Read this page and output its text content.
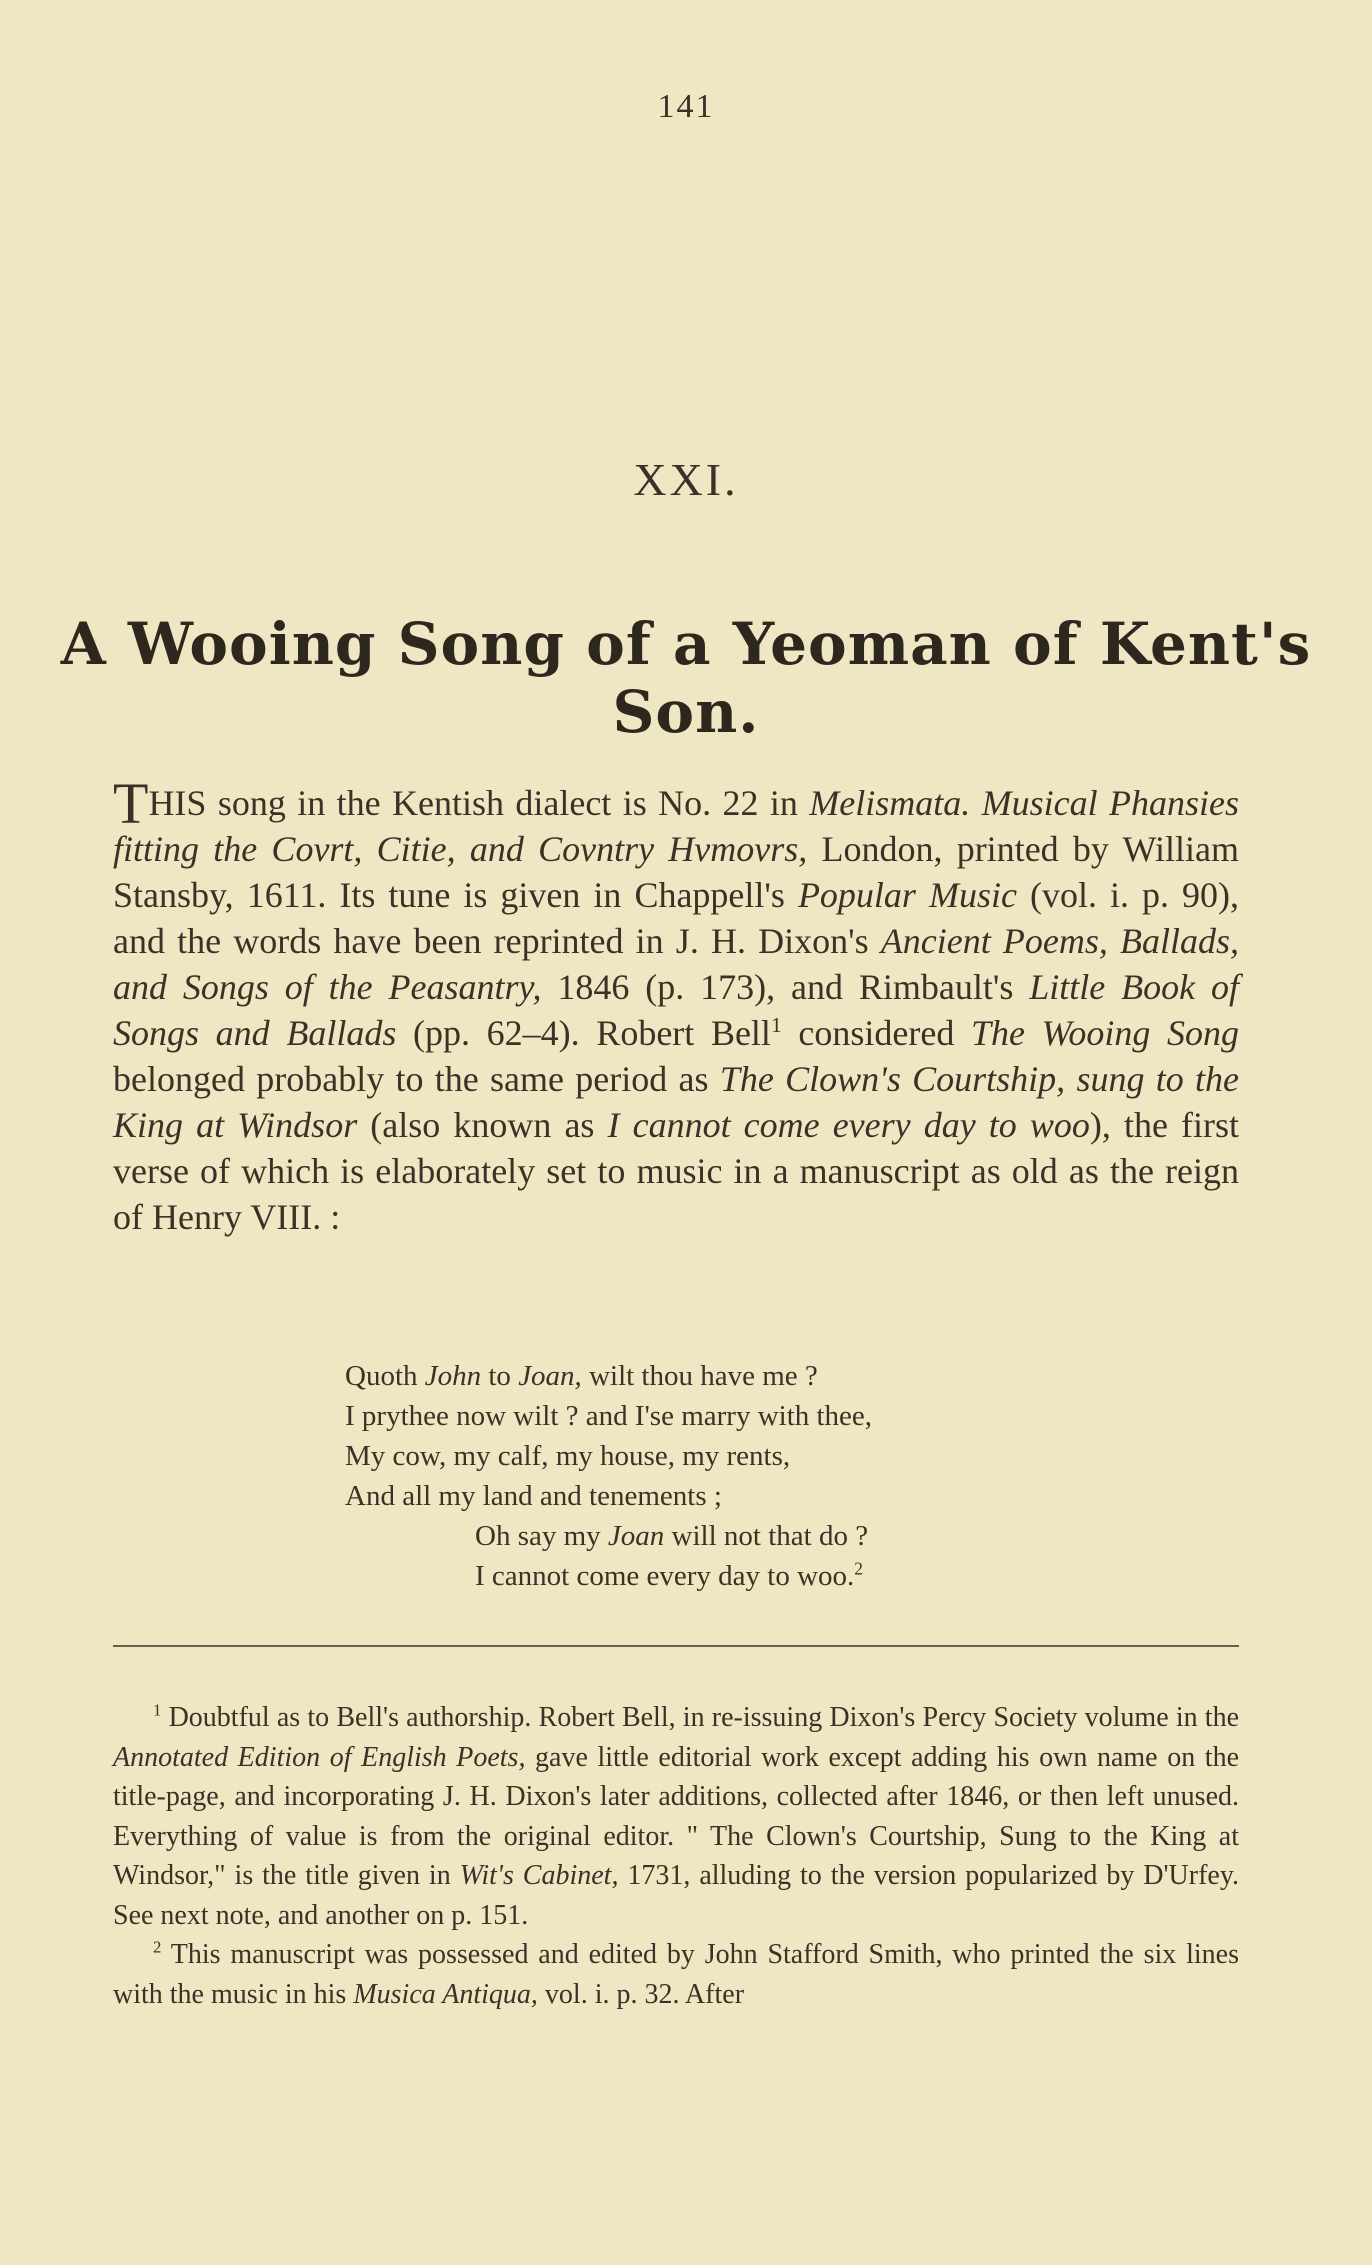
141
XXI.
A Wooing Song of a Yeoman of Kent's Son.
THIS song in the Kentish dialect is No. 22 in Melismata. Musical Phansies fitting the Covrt, Citie, and Covntry Hvmovrs, London, printed by William Stansby, 1611. Its tune is given in Chappell's Popular Music (vol. i. p. 90), and the words have been reprinted in J. H. Dixon's Ancient Poems, Ballads, and Songs of the Peasantry, 1846 (p. 173), and Rimbault's Little Book of Songs and Ballads (pp. 62–4). Robert Bell$^1$ considered The Wooing Song belonged probably to the same period as The Clown's Courtship, sung to the King at Windsor (also known as I cannot come every day to woo), the first verse of which is elaborately set to music in a manuscript as old as the reign of Henry VIII. :
Quoth John to Joan, wilt thou have me ?
I prythee now wilt ? and I'se marry with thee,
My cow, my calf, my house, my rents,
And all my land and tenements ;
Oh say my Joan will not that do ?
I cannot come every day to woo.$^2$

$^1$ Doubtful as to Bell's authorship. Robert Bell, in re-issuing Dixon's Percy Society volume in the Annotated Edition of English Poets, gave little editorial work except adding his own name on the title-page, and incorporating J. H. Dixon's later additions, collected after 1846, or then left unused. Everything of value is from the original editor. " The Clown's Courtship, Sung to the King at Windsor," is the title given in Wit's Cabinet, 1731, alluding to the version popularized by D'Urfey. See next note, and another on p. 151.

$^2$ This manuscript was possessed and edited by John Stafford Smith, who printed the six lines with the music in his Musica Antiqua, vol. i. p. 32. After
